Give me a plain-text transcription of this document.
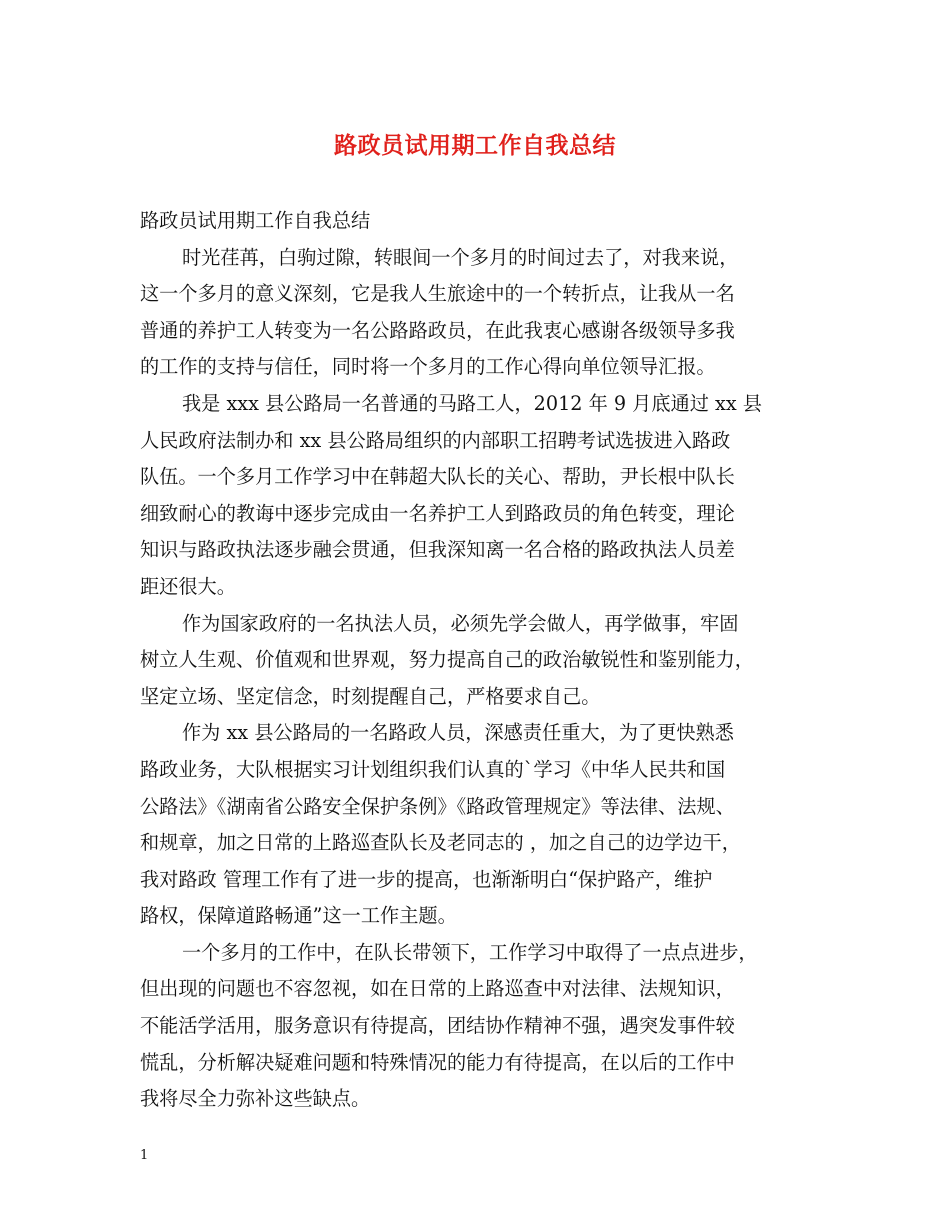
路政员试用期工作自我总结
路政员试用期工作自我总结
时光荏苒，白驹过隙，转眼间一个多月的时间过去了，对我来说，
这一个多月的意义深刻，它是我人生旅途中的一个转折点，让我从一名
普通的养护工人转变为一名公路路政员，在此我衷心感谢各级领导多我
的工作的支持与信任，同时将一个多月的工作心得向单位领导汇报。
我是 xxx 县公路局一名普通的马路工人，2012 年 9 月底通过 xx 县
人民政府法制办和 xx 县公路局组织的内部职工招聘考试选拔进入路政
队伍。一个多月工作学习中在韩超大队长的关心、帮助，尹长根中队长
细致耐心的教诲中逐步完成由一名养护工人到路政员的角色转变，理论
知识与路政执法逐步融会贯通，但我深知离一名合格的路政执法人员差
距还很大。
作为国家政府的一名执法人员，必须先学会做人，再学做事，牢固
树立人生观、价值观和世界观，努力提高自己的政治敏锐性和鉴别能力，
坚定立场、坚定信念，时刻提醒自己，严格要求自己。
作为 xx 县公路局的一名路政人员，深感责任重大，为了更快熟悉
路政业务，大队根据实习计划组织我们认真的`学习《中华人民共和国
公路法》《湖南省公路安全保护条例》《路政管理规定》等法律、法规、
和规章，加之日常的上路巡查队长及老同志的 ，加之自己的边学边干，
我对路政 管理工作有了进一步的提高，也渐渐明白“保护路产，维护
路权，保障道路畅通”这一工作主题。
一个多月的工作中，在队长带领下，工作学习中取得了一点点进步，
但出现的问题也不容忽视，如在日常的上路巡查中对法律、法规知识，
不能活学活用，服务意识有待提高，团结协作精神不强，遇突发事件较
慌乱，分析解决疑难问题和特殊情况的能力有待提高，在以后的工作中
我将尽全力弥补这些缺点。
1
